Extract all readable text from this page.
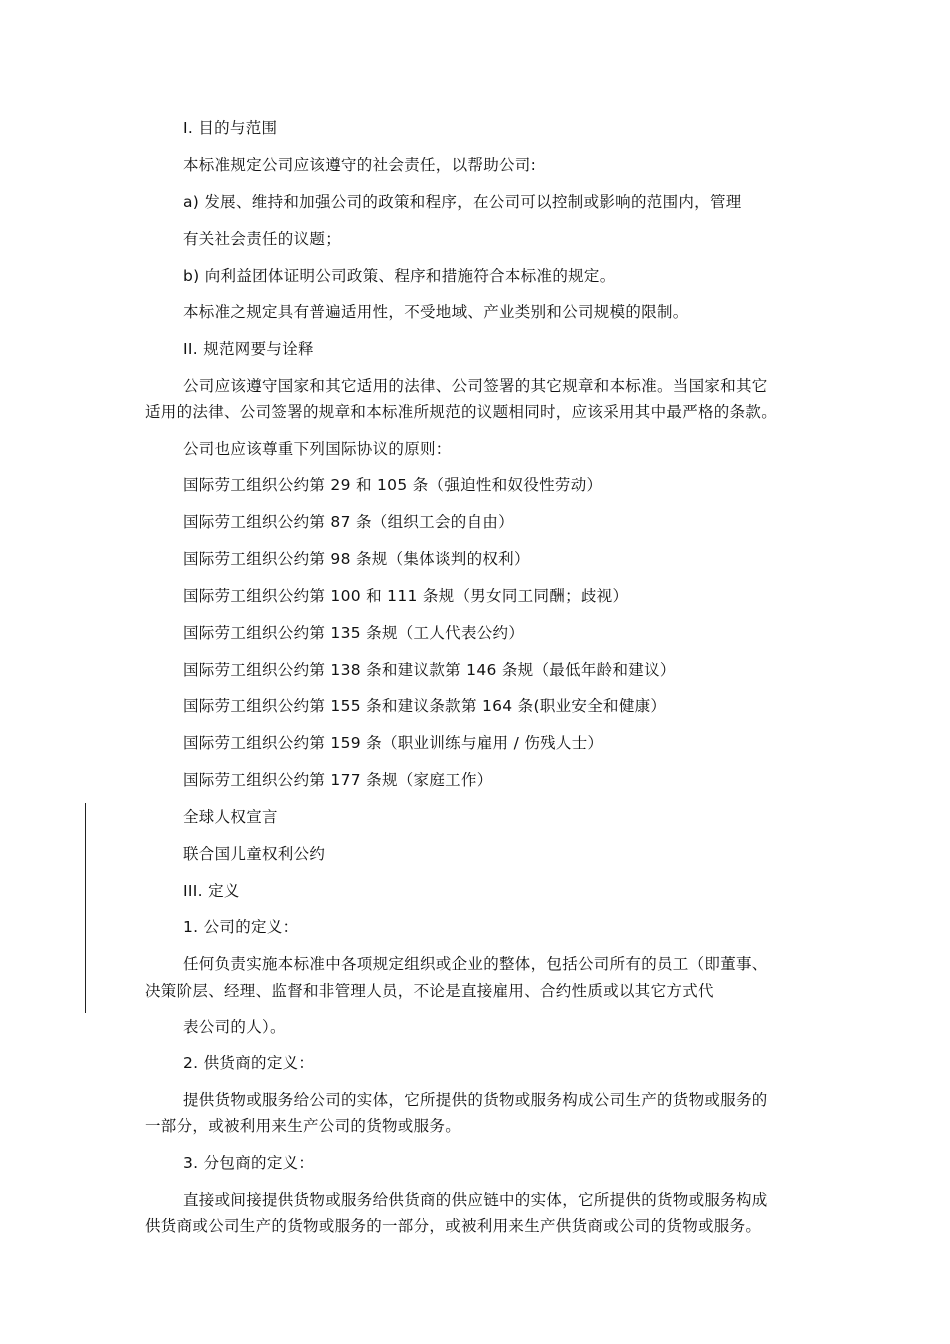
I. 目的与范围
本标准规定公司应该遵守的社会责任，以帮助公司:
a) 发展、维持和加强公司的政策和程序，在公司可以控制或影响的范围内，管理
有关社会责任的议题；
b) 向利益团体证明公司政策、程序和措施符合本标准的规定。
本标准之规定具有普遍适用性，不受地域、产业类别和公司规模的限制。
II. 规范网要与诠释
公司应该遵守国家和其它适用的法律、公司签署的其它规章和本标准。当国家和其它
适用的法律、公司签署的规章和本标准所规范的议题相同时，应该采用其中最严格的条款。
公司也应该尊重下列国际协议的原则：
国际劳工组织公约第 29 和 105 条（强迫性和奴役性劳动）
国际劳工组织公约第 87 条（组织工会的自由）
国际劳工组织公约第 98 条规（集体谈判的权利）
国际劳工组织公约第 100 和 111 条规（男女同工同酬；歧视）
国际劳工组织公约第 135 条规（工人代表公约）
国际劳工组织公约第 138 条和建议款第 146 条规（最低年龄和建议）
国际劳工组织公约第 155 条和建议条款第 164 条(职业安全和健康）
国际劳工组织公约第 159 条（职业训练与雇用 / 伤残人士）
国际劳工组织公约第 177 条规（家庭工作）
全球人权宣言
联合国儿童权利公约
III. 定义
1. 公司的定义：
任何负责实施本标准中各项规定组织或企业的整体，包括公司所有的员工（即董事、
决策阶层、经理、监督和非管理人员，不论是直接雇用、合约性质或以其它方式代
表公司的人）。
2. 供货商的定义：
提供货物或服务给公司的实体，它所提供的货物或服务构成公司生产的货物或服务的
一部分，或被利用来生产公司的货物或服务。
3. 分包商的定义：
直接或间接提供货物或服务给供货商的供应链中的实体，它所提供的货物或服务构成
供货商或公司生产的货物或服务的一部分，或被利用来生产供货商或公司的货物或服务。
